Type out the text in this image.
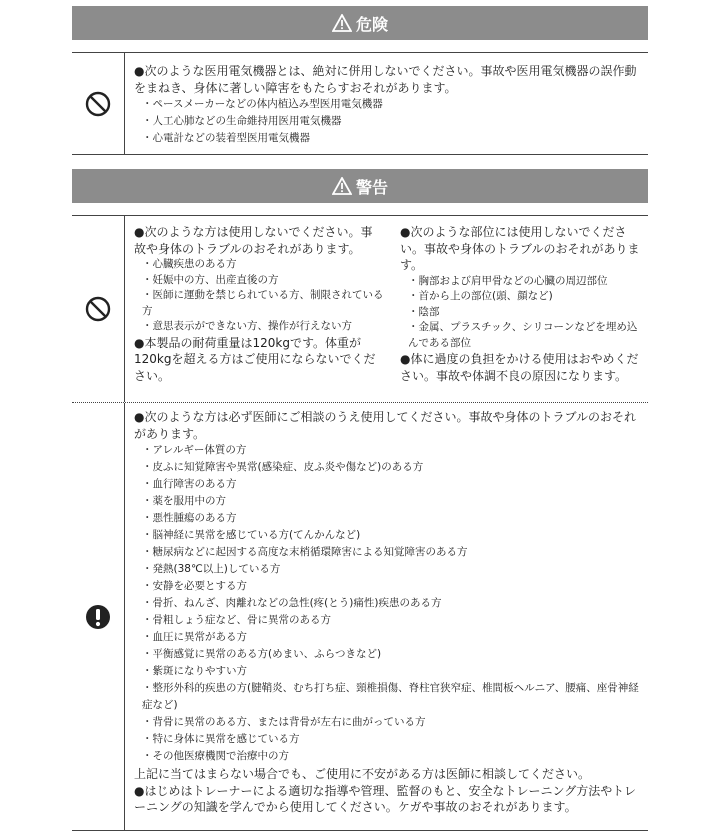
危険
●次のような医用電気機器とは、絶対に併用しないでください。事故や医用電気機器の誤作動をまねき、身体に著しい障害をもたらすおそれがあります。
・ペースメーカーなどの体内植込み型医用電気機器
・人工心肺などの生命維持用医用電気機器
・心電計などの装着型医用電気機器
警告
●次のような方は使用しないでください。事故や身体のトラブルのおそれがあります。
・心臓疾患のある方
・妊娠中の方、出産直後の方
・医師に運動を禁じられている方、制限されている方
・意思表示ができない方、操作が行えない方
●本製品の耐荷重量は120kgです。体重が120kgを超える方はご使用にならないでください。
●次のような部位には使用しないでください。事故や身体のトラブルのおそれがあります。
・胸部および肩甲骨などの心臓の周辺部位
・首から上の部位(頭、顔など)
・陰部
・金属、プラスチック、シリコーンなどを埋め込んである部位
●体に過度の負担をかける使用はおやめください。事故や体調不良の原因になります。
●次のような方は必ず医師にご相談のうえ使用してください。事故や身体のトラブルのおそれがあります。
・アレルギー体質の方
・皮ふに知覚障害や異常(感染症、皮ふ炎や傷など)のある方
・血行障害のある方
・薬を服用中の方
・悪性腫瘍のある方
・脳神経に異常を感じている方(てんかんなど)
・糖尿病などに起因する高度な末梢循環障害による知覚障害のある方
・発熱(38℃以上)している方
・安静を必要とする方
・骨折、ねんざ、肉離れなどの急性(疼(とう)痛性)疾患のある方
・骨粗しょう症など、骨に異常のある方
・血圧に異常がある方
・平衡感覚に異常のある方(めまい、ふらつきなど)
・紫斑になりやすい方
・整形外科的疾患の方(腱鞘炎、むち打ち症、頸椎損傷、脊柱官狭窄症、椎間板ヘルニア、腰痛、座骨神経症など)
・背骨に異常のある方、または背骨が左右に曲がっている方
・特に身体に異常を感じている方
・その他医療機関で治療中の方
上記に当てはまらない場合でも、ご使用に不安がある方は医師に相談してください。
●はじめはトレーナーによる適切な指導や管理、監督のもと、安全なトレーニング方法やトレーニングの知識を学んでから使用してください。ケガや事故のおそれがあります。
